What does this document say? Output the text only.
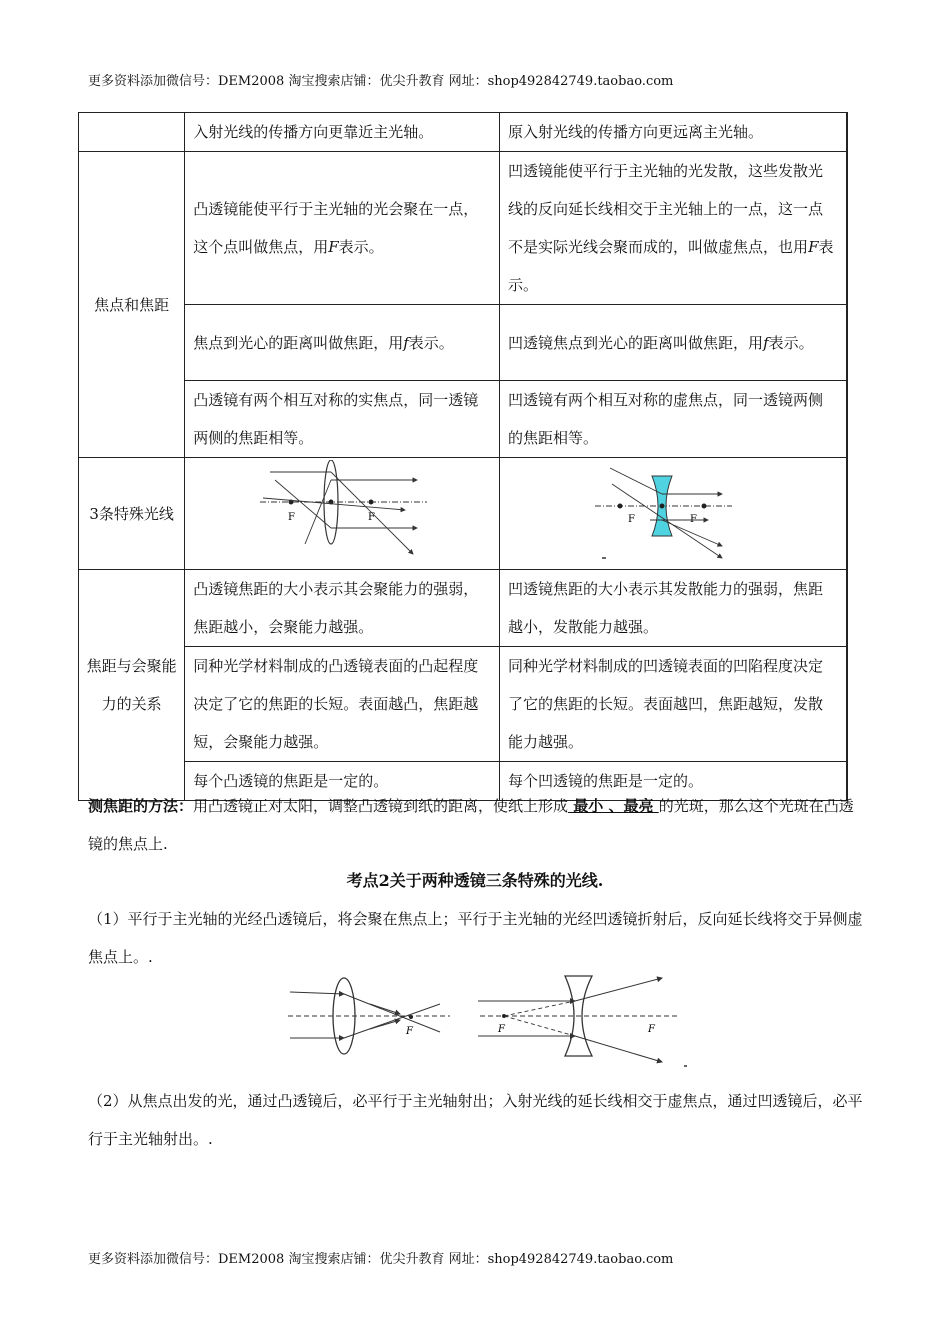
更多资料添加微信号：DEM2008 淘宝搜索店铺：优尖升教育 网址：shop492842749.taobao.com
	入射光线的传播方向更靠近主光轴。	原入射光线的传播方向更远离主光轴。
焦点和焦距	凸透镜能使平行于主光轴的光会聚在一点，这个点叫做焦点，用F表示。	凹透镜能使平行于主光轴的光发散，这些发散光线的反向延长线相交于主光轴上的一点，这一点不是实际光线会聚而成的，叫做虚焦点，也用F表示。
	焦点到光心的距离叫做焦距，用f表示。	凹透镜焦点到光心的距离叫做焦距，用f表示。
	凸透镜有两个相互对称的实焦点，同一透镜两侧的焦距相等。	凹透镜有两个相互对称的虚焦点，同一透镜两侧的焦距相等。
3条特殊光线	F F	F F

焦距与会聚能力的关系	凸透镜焦距的大小表示其会聚能力的强弱，焦距越小，会聚能力越强。	凹透镜焦距的大小表示其发散能力的强弱，焦距越小，发散能力越强。
	同种光学材料制成的凸透镜表面的凸起程度决定了它的焦距的长短。表面越凸，焦距越短，会聚能力越强。	同种光学材料制成的凹透镜表面的凹陷程度决定了它的焦距的长短。表面越凹，焦距越短，发散能力越强。
	每个凸透镜的焦距是一定的。	每个凹透镜的焦距是一定的。
测焦距的方法：用凸透镜正对太阳，调整凸透镜到纸的距离，使纸上形成 最小 、最亮 的光斑，那么这个光斑在凸透镜的焦点上.
考点2关于两种透镜三条特殊的光线.
（1）平行于主光轴的光经凸透镜后，将会聚在焦点上；平行于主光轴的光经凹透镜折射后，反向延长线将交于异侧虚焦点上。.
F	F	F
（2）从焦点出发的光，通过凸透镜后，必平行于主光轴射出；入射光线的延长线相交于虚焦点，通过凹透镜后，必平行于主光轴射出。.
更多资料添加微信号：DEM2008 淘宝搜索店铺：优尖升教育 网址：shop492842749.taobao.com
